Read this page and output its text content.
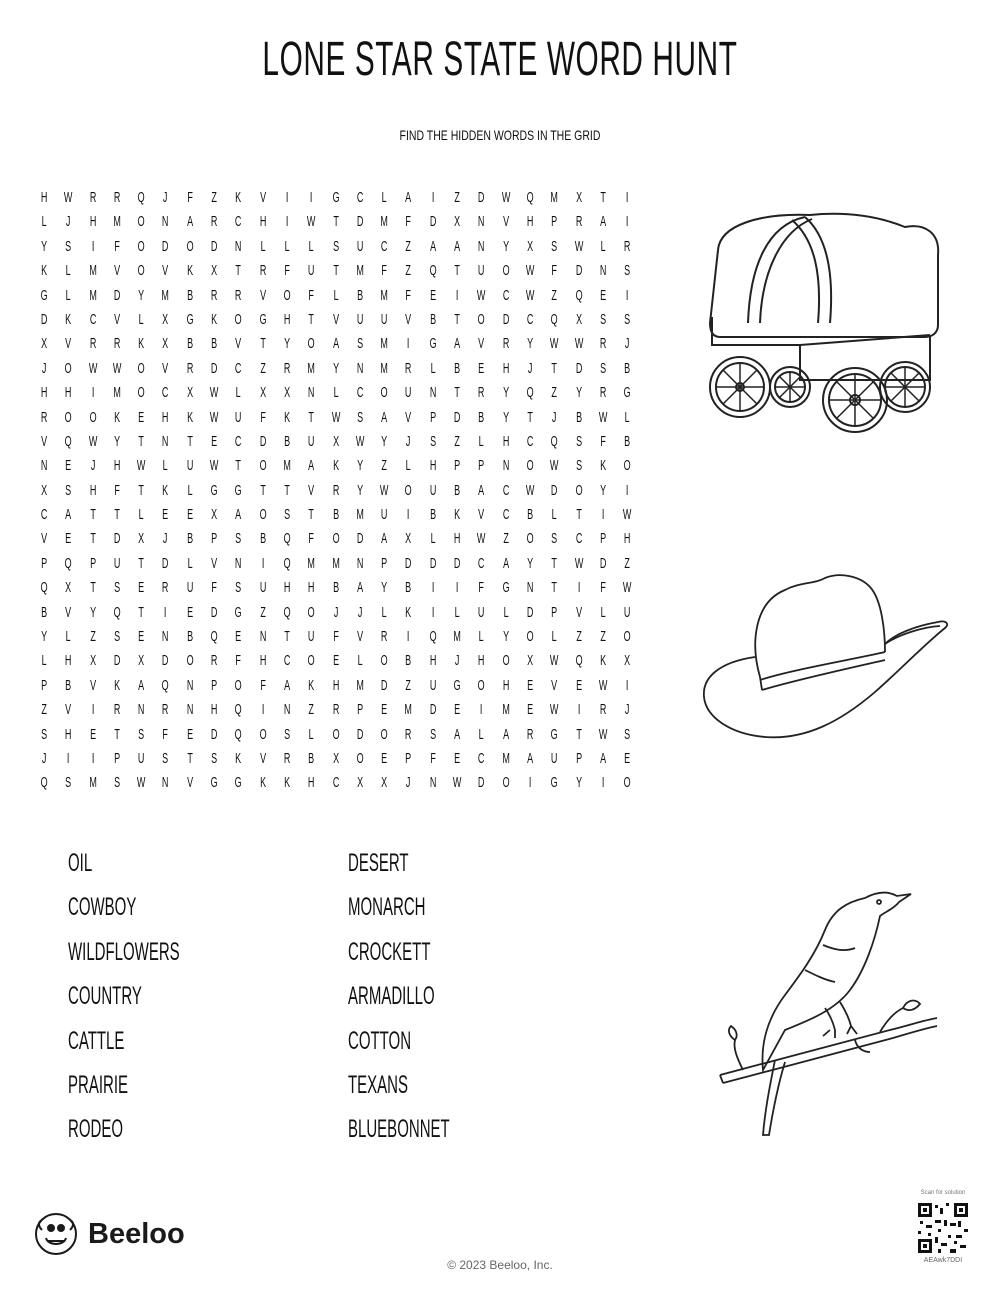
LONE STAR STATE WORD HUNT
FIND THE HIDDEN WORDS IN THE GRID
H W R R Q	J	F	Z	K V	I	I	G C	L	A	I	Z	D W Q M X	T	I
L	J	H M O N A R C H	I	W	T	D M	F	D X N V H P R A	I
Y S	I	F	O D O D N	L	L	L	S U C	Z	A A N Y X S W	L	R
K	L	M V O V K X	T	R	F	U	T	M	F	Z	Q	T	U O W	F	D N S
G	L	M D Y M B R R V O	F	L	B M	F	E	I	W C W	Z	Q E	I
D K C V	L	X G K O G H	T	V U U V B	T	O D C Q X S S
X V R R K X B B V	T	Y O A S M	I	G A V R Y W W R	J
J	O W W O V R D C	Z	R M Y N M R	L	B E H	J	T	D S B
H H	I	M O C X W	L	X X N	L	C O U N	T	R Y Q	Z	Y R G
R O O K E H K W U	F	K	T	W S A V P D B Y	T	J	B W	L
V Q W Y	T	N	T	E C D B U X W Y	J	S	Z	L	H C Q S	F	B
N E	J	H W	L	U W	T	O M A K Y	Z	L	H P P N O W S K O
X S H	F	T	K	L	G G	T	T	V R Y W O U B A C W D O Y	I
C A	T	T	L	E E X A O S	T	B M U	I	B K V C B	L	T	I	W
V E	T	D X	J	B P S B Q	F	O D A X	L	H W	Z	O S C P H
P Q P U	T	D	L	V N	I	Q M M N P D D D C A Y	T	W D	Z
Q X	T	S E R U	F	S U H H B A Y B	I	I	F	G N	T	I	F	W
B V Y Q	T	I	E D G	Z	Q O	J	J	L	K	I	L	U	L	D P V	L	U
Y	L	Z	S E N B Q E N	T	U	F	V R	I	Q M	L	Y O	L	Z	Z	O
L	H X D X D O R	F	H C O E	L	O B H	J	H O X W Q K X
P B V K A Q N P O	F	A K H M D	Z	U G O H E V E W	I
Z	V	I	R N R N H Q	I	N	Z	R P E M D E	I	M E W	I	R	J
S H E	T	S	F	E D Q O S	L	O D O R S A	L	A R G	T	W S
J	I	I	P U S	T	S K V R B X O E P	F	E C M A U P A E
Q S M S W N V G G K K H C X X	J	N W D O	I	G Y	I	O
OIL
COWBOY
WILDFLOWERS
COUNTRY
CATTLE
PRAIRIE
RODEO
DESERT
MONARCH
CROCKETT
ARMADILLO
COTTON
TEXANS
BLUEBONNET
Beeloo
© 2023 Beeloo, Inc.
Scan for solution
AEAwk7DDI
